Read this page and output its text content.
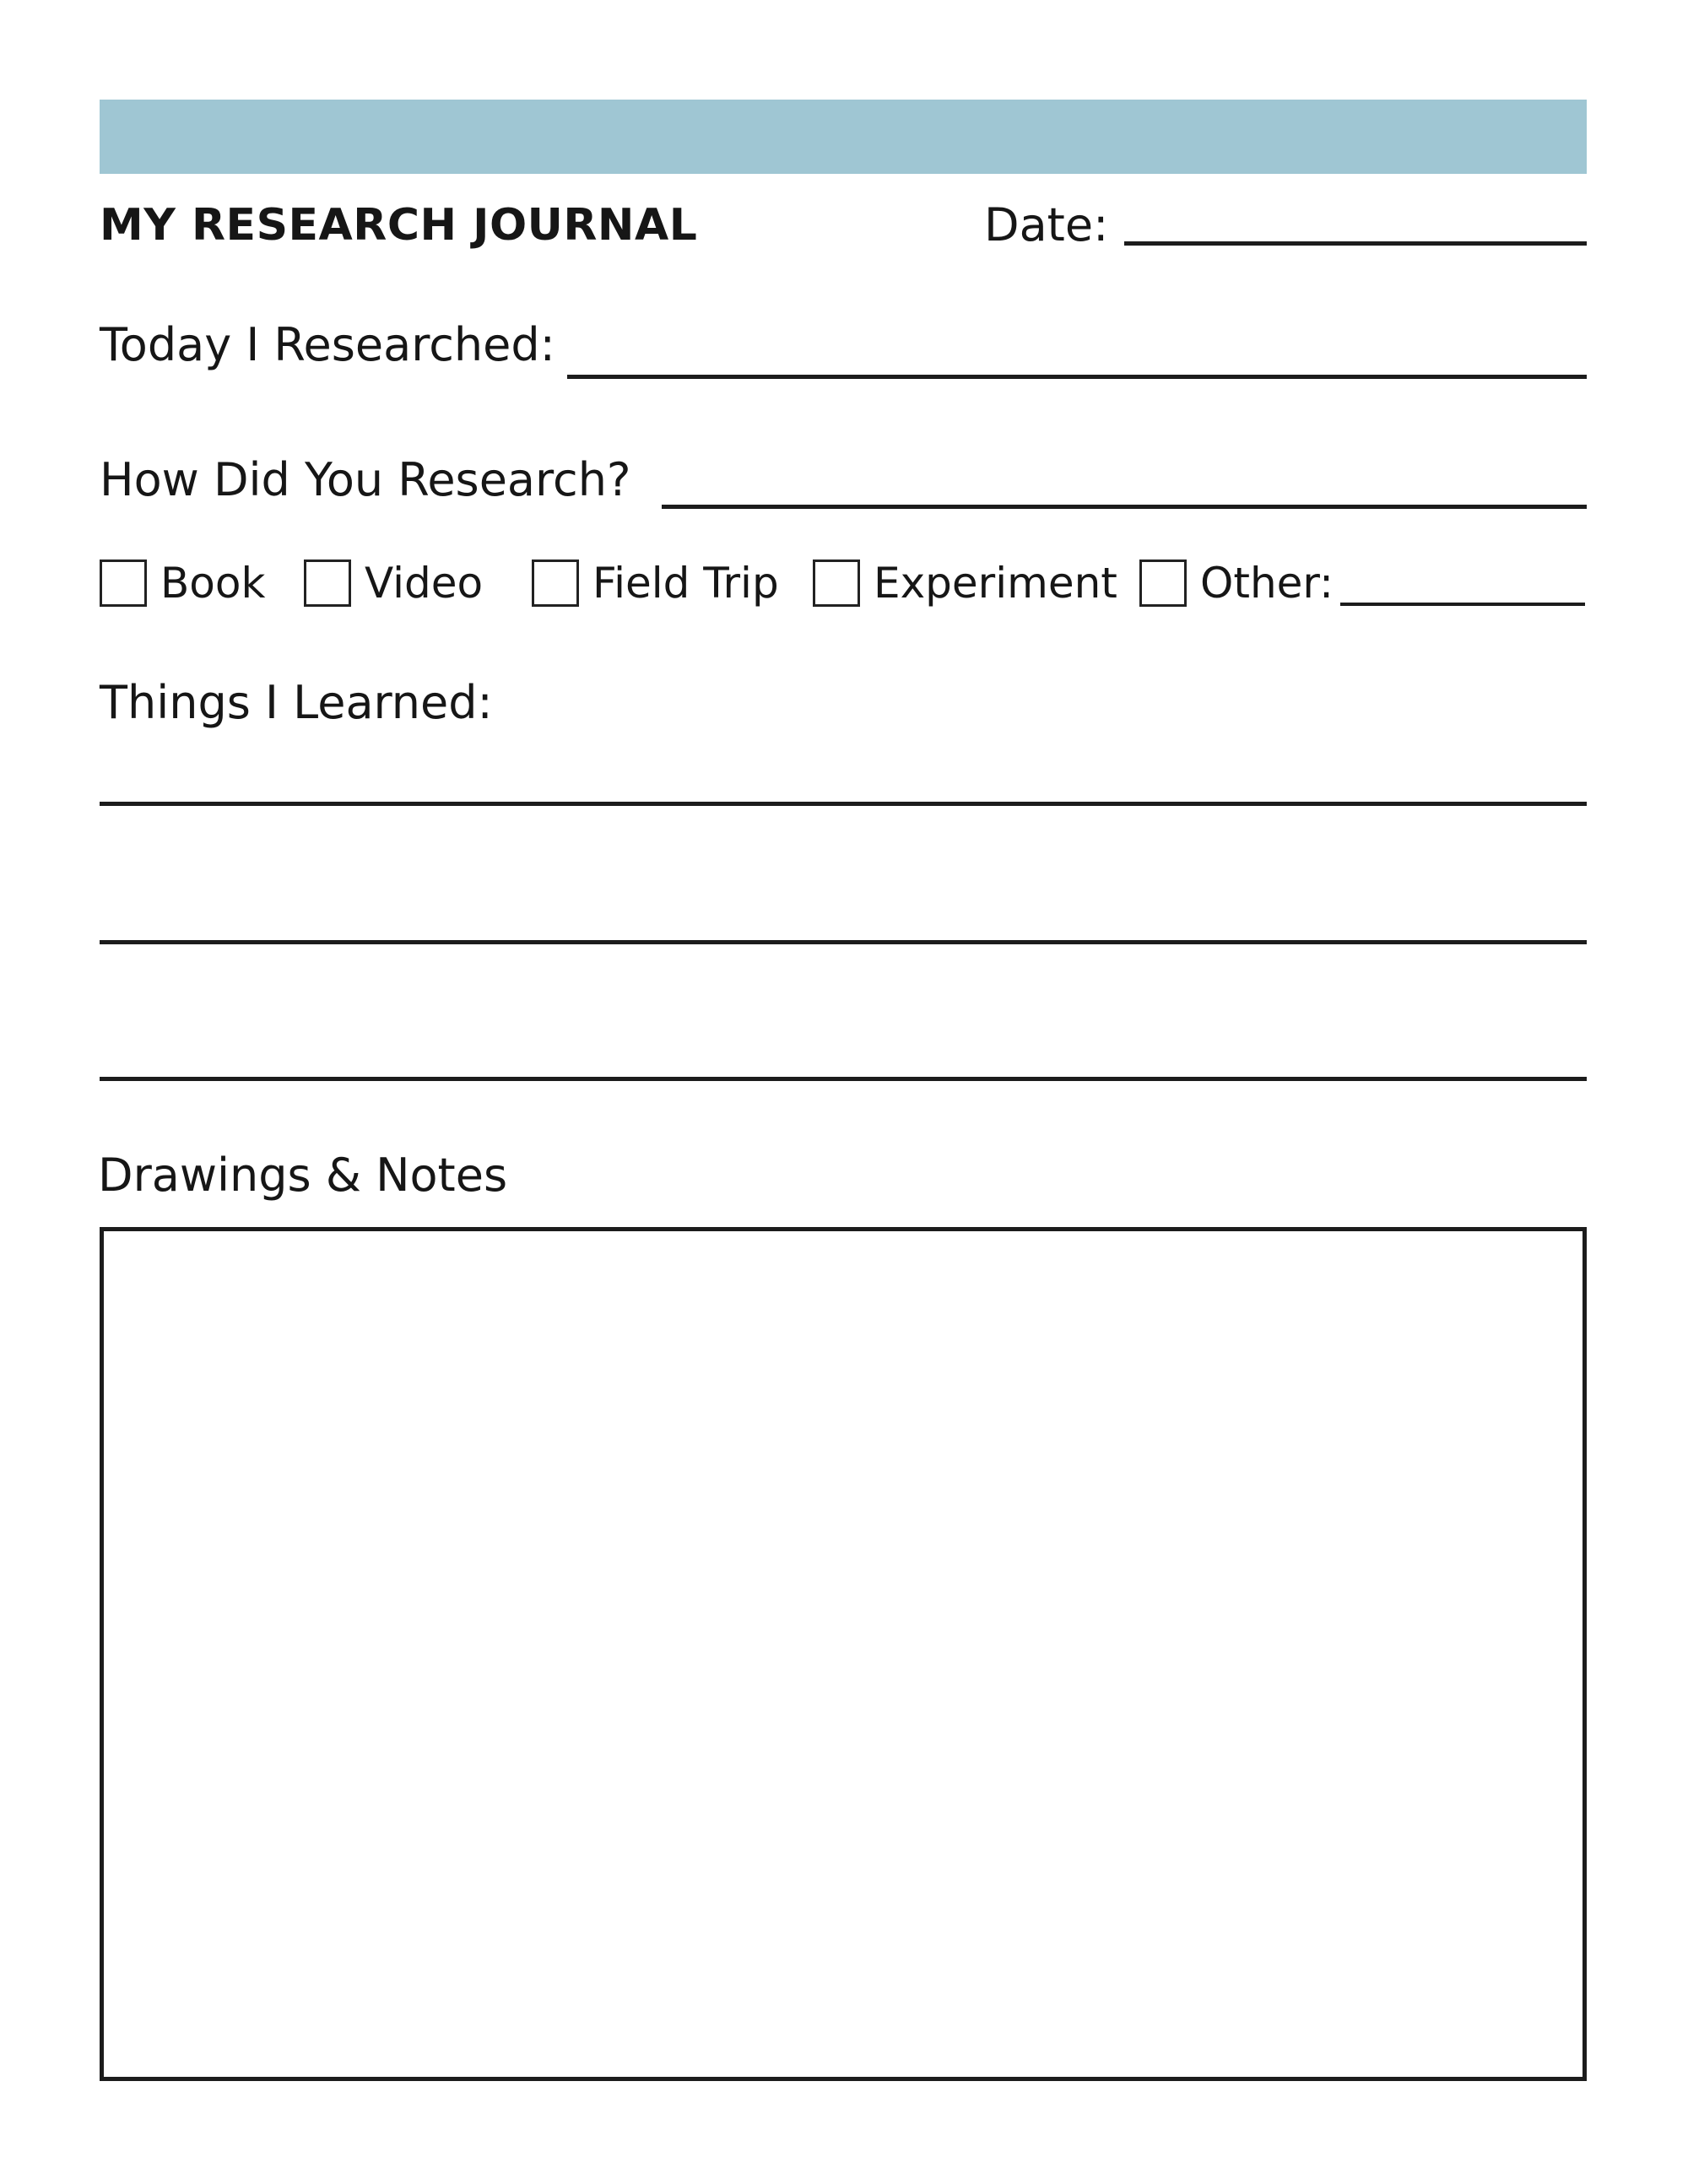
MY RESEARCH JOURNAL	Date:
Today I Researched:
How Did You Research?
Book Video	Field Trip Experiment Other:
Things I Learned:
Drawings & Notes
